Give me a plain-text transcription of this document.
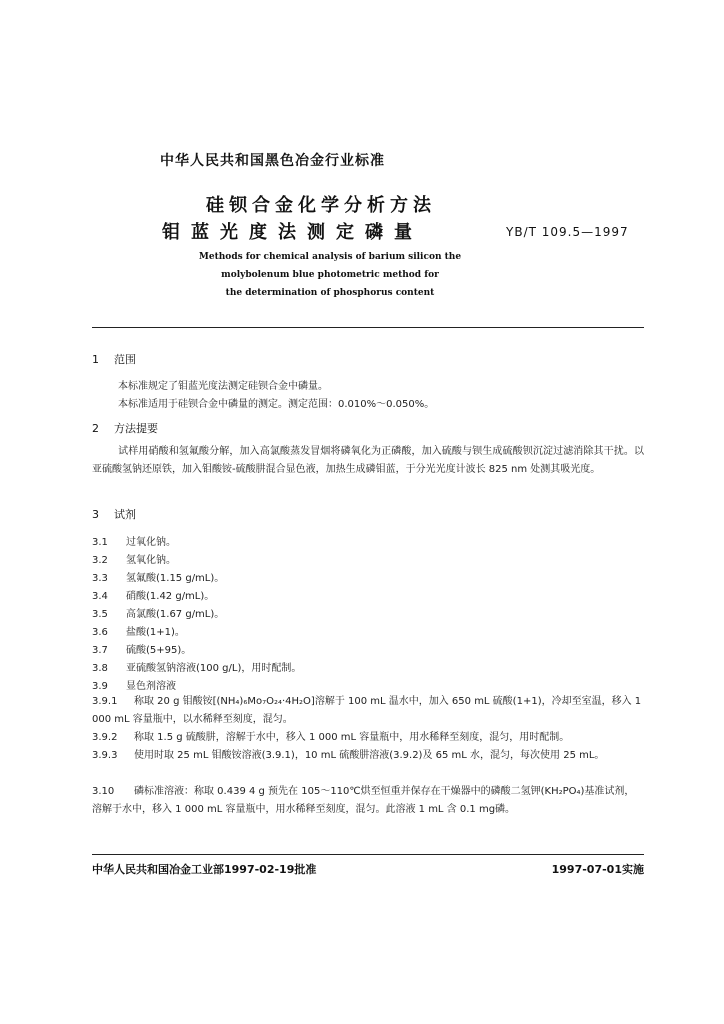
中华人民共和国黑色冶金行业标准
硅钡合金化学分析方法
钼蓝光度法测定磷量	YB/T 109.5—1997
Methods for chemical analysis of barium silicon the
molybolenum blue photometric method for
the determination of phosphorus content
1 范围
本标准规定了钼蓝光度法测定硅钡合金中磷量。
本标准适用于硅钡合金中磷量的测定。测定范围：0.010%～0.050%。
2 方法提要
试样用硝酸和氢氟酸分解，加入高氯酸蒸发冒烟将磷氧化为正磷酸，加入硫酸与钡生成硫酸钡沉淀过滤消除其干扰。以亚硫酸氢钠还原铁，加入钼酸铵-硫酸肼混合显色液，加热生成磷钼蓝，于分光光度计波长 825 nm 处测其吸光度。
3 试剂
3.1 过氧化钠。
3.2 氢氧化钠。
3.3 氢氟酸(1.15 g/mL)。
3.4 硝酸(1.42 g/mL)。
3.5 高氯酸(1.67 g/mL)。
3.6 盐酸(1+1)。
3.7 硫酸(5+95)。
3.8 亚硫酸氢钠溶液(100 g/L)，用时配制。
3.9 显色剂溶液
3.9.1 称取 20 g 钼酸铵[(NH₄)₆Mo₇O₂₄·4H₂O]溶解于 100 mL 温水中，加入 650 mL 硫酸(1+1)，冷却至室温，移入 1 000 mL 容量瓶中，以水稀释至刻度，混匀。
3.9.2 称取 1.5 g 硫酸肼，溶解于水中，移入 1 000 mL 容量瓶中，用水稀释至刻度，混匀，用时配制。
3.9.3 使用时取 25 mL 钼酸铵溶液(3.9.1)，10 mL 硫酸肼溶液(3.9.2)及 65 mL 水，混匀，每次使用 25 mL。
3.10 磷标准溶液：称取 0.439 4 g 预先在 105～110℃烘至恒重并保存在干燥器中的磷酸二氢钾(KH₂PO₄)基准试剂，溶解于水中，移入 1 000 mL 容量瓶中，用水稀释至刻度，混匀。此溶液 1 mL 含 0.1 mg磷。
中华人民共和国冶金工业部1997-02-19批准	1997-07-01实施
